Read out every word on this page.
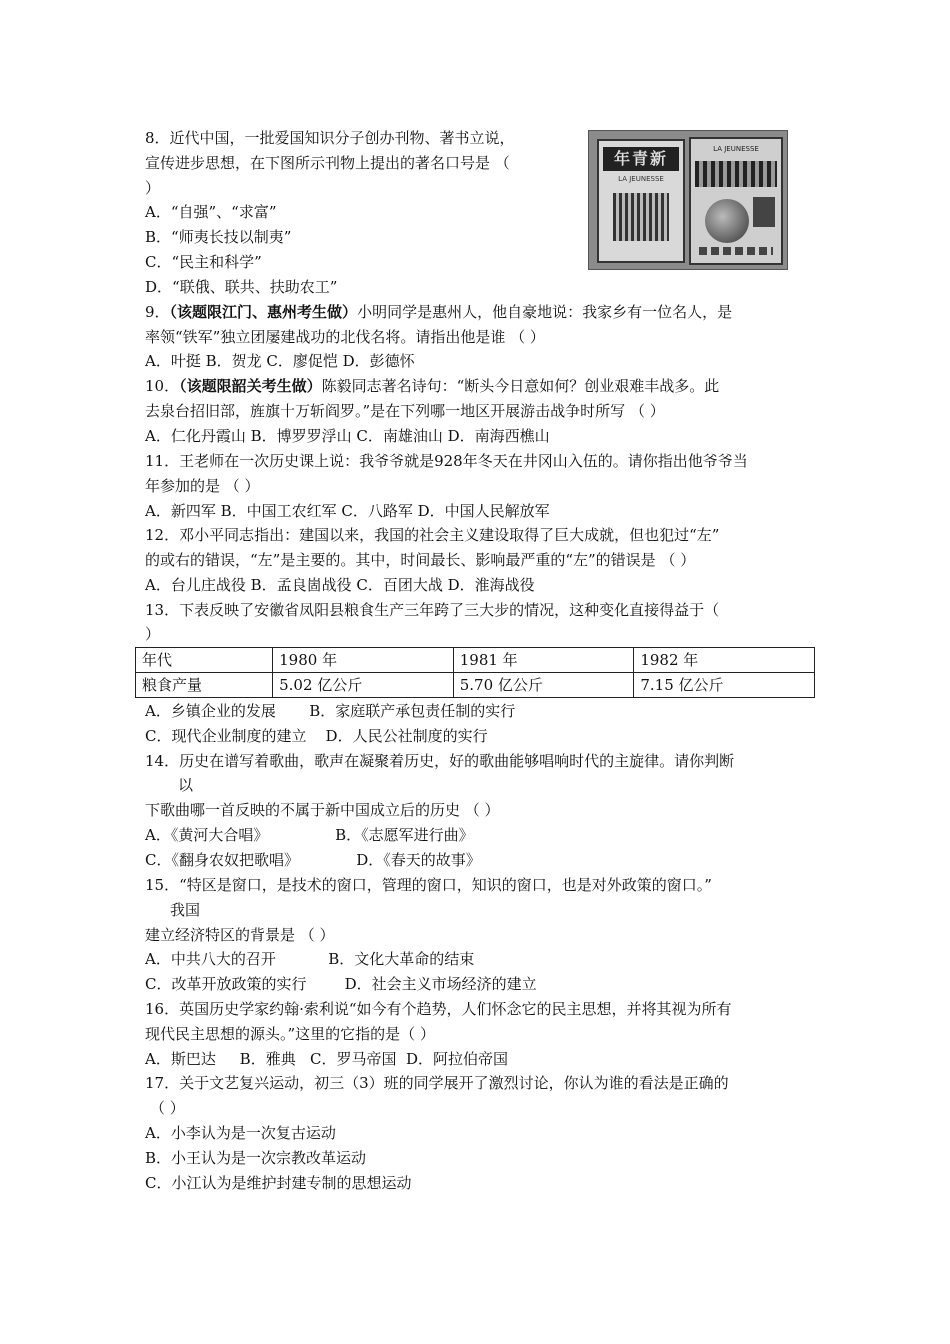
8．近代中国，一批爱国知识分子创办刊物、著书立说，
宣传进步思想，在下图所示刊物上提出的著名口号是 （
）
A．“自强”、“求富”
B．“师夷长技以制夷”
C．“民主和科学”
D．“联俄、联共、扶助农工”
年青新
LA JEUNESSE
LA JEUNESSE
9．（该题限江门、惠州考生做）小明同学是惠州人，他自豪地说：我家乡有一位名人，是
率领“铁军”独立团屡建战功的北伐名将。请指出他是谁 （ ）
A．叶挺 B．贺龙 C．廖促恺 D．彭德怀
10．（该题限韶关考生做）陈毅同志著名诗句：“断头今日意如何？创业艰难丰战多。此
去泉台招旧部，旌旗十万斩阎罗。”是在下列哪一地区开展游击战争时所写 （ ）
A．仁化丹霞山 B．博罗罗浮山 C．南雄油山 D．南海西樵山
11．王老师在一次历史课上说：我爷爷就是928年冬天在井冈山入伍的。请你指出他爷爷当
年参加的是 （ ）
A．新四军 B．中国工农红军 C．八路军 D．中国人民解放军
12．邓小平同志指出：建国以来，我国的社会主义建设取得了巨大成就，但也犯过“左”
的或右的错误，“左”是主要的。其中，时间最长、影响最严重的“左”的错误是 （ ）
A．台儿庄战役 B．孟良崮战役 C．百团大战 D．淮海战役
13．下表反映了安徽省凤阳县粮食生产三年跨了三大步的情况，这种变化直接得益于（
）
年代	1980 年	1981 年	1982 年
粮食产量	5.02 亿公斤	5.70 亿公斤	7.15 亿公斤
A．乡镇企业的发展       B．家庭联产承包责任制的实行
C．现代企业制度的建立    D．人民公社制度的实行
14．历史在谱写着歌曲，歌声在凝聚着历史，好的歌曲能够唱响时代的主旋律。请你判断
以
下歌曲哪一首反映的不属于新中国成立后的历史 （ ）
A．《黄河大合唱》              B．《志愿军进行曲》
C．《翻身农奴把歌唱》            D．《春天的故事》
15．“特区是窗口，是技术的窗口，管理的窗口，知识的窗口，也是对外政策的窗口。”
我国
建立经济特区的背景是 （ ）
A．中共八大的召开           B．文化大革命的结束
C．改革开放政策的实行        D．社会主义市场经济的建立
16．英国历史学家约翰·索利说“如今有个趋势，人们怀念它的民主思想，并将其视为所有
现代民主思想的源头。”这里的它指的是（ ）
A．斯巴达     B．雅典   C．罗马帝国  D．阿拉伯帝国
17．关于文艺复兴运动，初三（3）班的同学展开了激烈讨论，你认为谁的看法是正确的
（ ）
A．小李认为是一次复古运动
B．小王认为是一次宗教改革运动
C．小江认为是维护封建专制的思想运动
